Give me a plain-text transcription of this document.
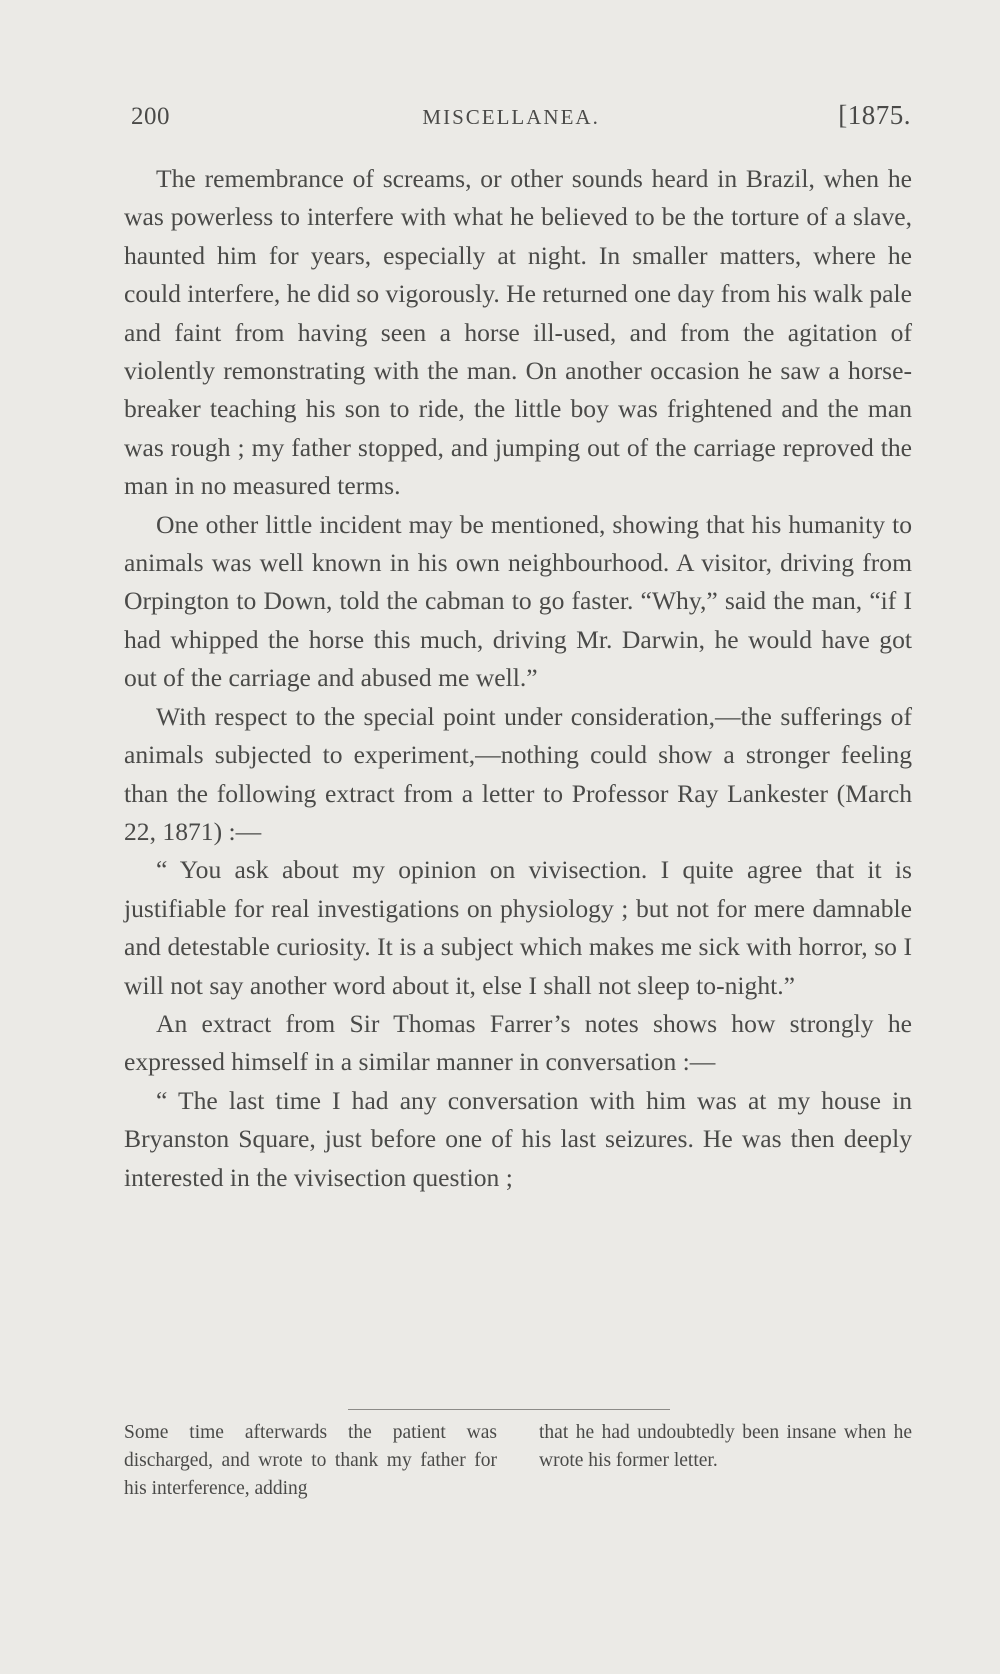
200	MISCELLANEA.	[1875.

The remembrance of screams, or other sounds heard in Brazil, when he was powerless to interfere with what he believed to be the torture of a slave, haunted him for years, especially at night. In smaller matters, where he could interfere, he did so vigorously. He returned one day from his walk pale and faint from having seen a horse ill-used, and from the agitation of violently remonstrating with the man. On another occasion he saw a horse-breaker teaching his son to ride, the little boy was frightened and the man was rough ; my father stopped, and jumping out of the carriage reproved the man in no measured terms.

One other little incident may be mentioned, showing that his humanity to animals was well known in his own neighbourhood. A visitor, driving from Orpington to Down, told the cabman to go faster. “Why,” said the man, “if I had whipped the horse this much, driving Mr. Darwin, he would have got out of the carriage and abused me well.”

With respect to the special point under consideration,—the sufferings of animals subjected to experiment,—nothing could show a stronger feeling than the following extract from a letter to Professor Ray Lankester (March 22, 1871) :—

“ You ask about my opinion on vivisection. I quite agree that it is justifiable for real investigations on physiology ; but not for mere damnable and detestable curiosity. It is a subject which makes me sick with horror, so I will not say another word about it, else I shall not sleep to-night.”

An extract from Sir Thomas Farrer’s notes shows how strongly he expressed himself in a similar manner in conversation :—

“ The last time I had any conversation with him was at my house in Bryanston Square, just before one of his last seizures. He was then deeply interested in the vivisection question ;

Some time afterwards the patient was discharged, and wrote to thank my father for his interference, adding

that he had undoubtedly been insane when he wrote his former letter.
